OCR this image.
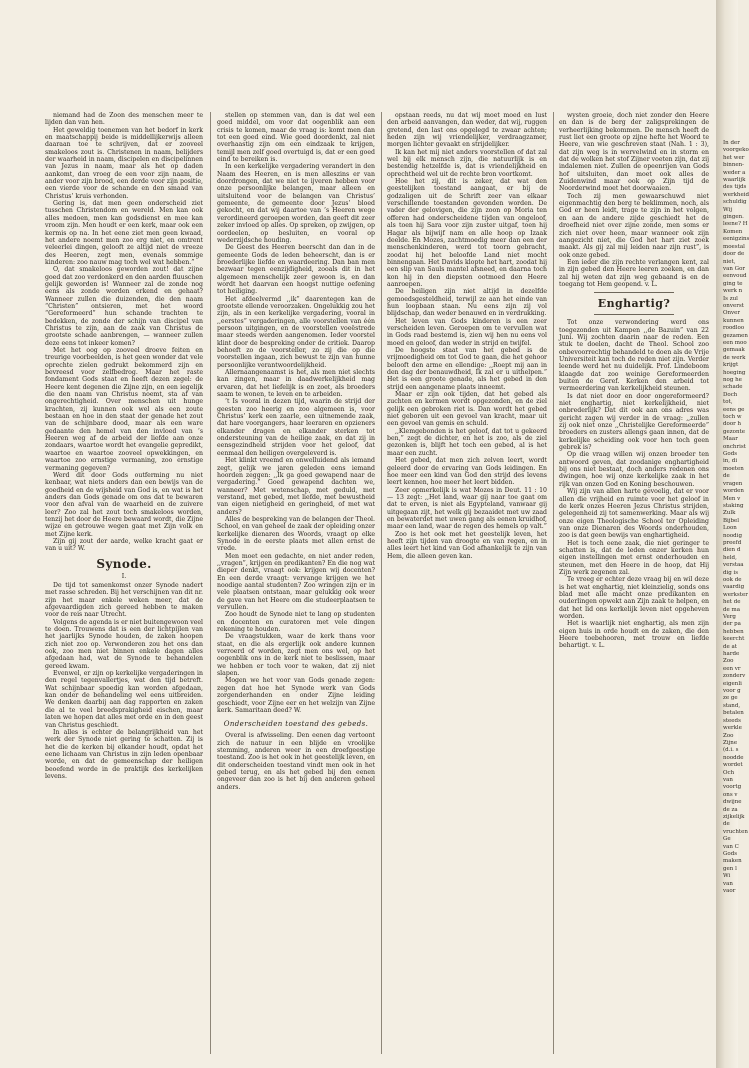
niemand had de Zoon des menschen meer te lijden dan van hen.

Het geweldig toenemen van het bedorf in kerk en maatschappij beide is middellijkerwijs alleen daaraan toe te schrijven, dat er zooveel smakeloos zout is. Christenen in naam, belijders der waarheid in naam, discipelen en discipelinnen van Jezus in naam, maar als het op daden aankomt, dan vroeg de een voor zijn naam, de ander voor zijn brood, een derde voor zijn positie, een vierde voor de schande en den smaad van Christus’ kruis verhonden.

Gering is, dat men geen onderscheid ziet tusschen Christendom en wereld. Men kan ook alles medoen, men kan godsdienst en mee kan vroom zijn. Men houdt er een kerk, maar ook een kermis op na. In het eene ziet men geen kwaad, het andere noemt men zoo erg niet, en omtrent veleerlei dingen, gelooft ze altijd niet de vreeze des Heeren, zegt men, evenals sommige kinderen: zoo nauw mag toch wel wat hebben.”

O, dat smakeloos geworden zout! dat zijne goed dat zoo verdonkerd en den aarden fluuschen gelijk geworden is! Wanneer zal de zonde nog eens als zonde worden erkend en gehaat? Wanneer zullen die duizenden, die den naam “Christen” ontsieren, met het woord “Gereformeerd” hun schande trachten te bedekken, de zonde der schijn van discipel van Christus te zijn, aan de zaak van Christus de grootste schade aanbrengen, — wanneer zullen deze eens tot inkeer komen?

Met het oog op zooveel droeve feiten en treurige voorbeelden, is het geen wonder dat vele oprechte zielen gedrukt bekommerd zijn en bevreesd voor zelfbedrog. Maar het raste fondament Gods staat en heeft dezen zegel: de Heere kent degenen die Zijne zijn, en een iegelijk die den naam van Christus noemt, sta af van ongerechtigheid. Over menschen uit hunge krachten, zij kunnen ook wel als een zoute bestaan en hoe in den staat der genade het zout van de schijnbare dood, maar als een ware gedaante den hemel van den invloed van ’s Heeren weg af de arbeid der liefde aan onze zondaars, waartoe wordt het evangelie gepredikt, waartoe en waartoe zooveel opwekkingen, en waartoe zoo ernstige vermaning, zoo ernstige vermaning gegeven?

Werd dit door Gods outferming nu niet kenbaar, wat niets anders dan een bewijs van de goedheid en de wijsheid van God is, en wat is het anders dan Gods genade om ons dat te bewaren voor den afval van de waarheid en de zuivere leer? Zoo zal het zout toch smakeloos worden, tenzij het door de Heere bewaard wordt, die Zijne wijze en getrouwe wegen gaat met Zijn volk en met Zijne kerk.

Zijn gij zout der aarde, welke kracht gaat er van u uit? W.

Synode.
I.

De tijd tot samenkomst onzer Synode nadert met rasse schreden. Bij het verschijnen van dit nr. zijn het maar enkele weken meer, dat de afgevaardigden zich gereed hebben te maken voor de reis naar Utrecht.

Volgens de agenda is er niet buitengewoon veel te doen. Trouwens dat is een der lichtpijlen van het jaarlijks Synode houden, de zaken hoopen zich niet zoo op. Verwonderen zou het ons dan ook, zoo men niet binnen enkele dagen alles afgedaan had, wat de Synode te behandelen gereed kwam.

Evenwel, er zijn op kerkelijke vergaderingen in den regel tegenvallertjes, wat den tijd betreft. Wat schijnbaar spoedig kan worden afgedaan, kan onder de behandeling wel eens uitbreiden. We denken daarbij aan dag rapporten en zaken die al te veel breedsprakigheid eischen, maar laten we hopen dat alles met orde en in den geest van Christus geschiedt.

In alles is echter de belangrijkheid van het werk der Synode niet gering te schatten. Zij is het die de kerken bij elkander houdt, opdat het eene lichaam van Christus in zijn leden openbaar worde, en dat de gemeenschap der heiligen beoefend worde in de praktijk des kerkelijken levens.

stellen op stemmen van, dan is dat wel een goed middel, om voor dat oogenblik aan een crisis te komen, maar de vraag is: komt men dan tot een goed eind. Wie goed doordenkt, zal niet overhaastig zijn om een eindzaak te krijgen, temijl men zelf goed overtuigd is, dat er een goed eind te bereiken is.

In een kerkelijke vergadering verandert in den Naam des Heeren, en is men alleszins er van doordrongen, dat we niet te ijveren hebben voor onze persoonlijke belangen, maar alleen en uitsluitend voor de belangen van Christus’ gemeente, de gemeente door Jezus’ bloed gekocht, en dat wij daartoe van ’s Heeren wege verordineerd geroepen worden, dan geeft dit zeer zeker invloed op alles. Op spreken, op zwijgen, op oordeelen, op besluiten, en vooral op wederzijdsche houding.

De Geest des Heeren beerscht dan dan in de gemeente Gods de leden beheerscht, dan is er broederlijke liefde en waardeering. Dan ban men bezwaar tegen eenzijdigheid, zooals dit in het algemeen menschelijk zeer gewoon is, en dan wordt het daarvan een hoogst nuttige oefening tot heiliging.

Het afdeelvermd ,,ik” daarentegen kan de grootste ellende veroorzaken. Ongelukkig zou het zijn, als in een kerkelijke vergadering, vooral in ,,eerstes” vergaderingen, alle voorstellen van één persoon uitgingen, en de voorstellen voeëstrede maar steeds werden aangenomen. Ieder voorstel klint door de bespreking onder de critiek. Daarop behoeft zo de voorsteller, zo zij die op die voorstellen ingaan, zich bewust te zijn van hunne persoonlijke verantwoordelijkheid.

Allernaangenaamst is het, als men niet slechts kan zingen, maar in daadwerkelijkheid mag ervaren, dat het liefelijk is en zoet, als broeders saam te wonen, te leven en te arbeiden.

’t Is vooral in dezen tijd, waarin de strijd der geesten zoo heerig en zoo algemeen is, voor Christus’ kerk een zaarle, een uitnemende zaak, dat hare voorgangers, haar leeraren en opzieners elkander dragen en elkander sterken tot ondersteuning van de heilige zaak, en dat zij in eensgezindheid strijden voor het geloof, dat eenmaal den heiligen overgeleverd is.

Het klinkt vreemd en onwelluidend als iemand zegt, gelijk we jaren geleden eens iemand hoorden zeggen: ,,Ik ga goed gewapend naar de vergadering.” Goed gewapend dachten we, wanneer? Met wetenschap, met geduld, met verstand, met gebed, met liefde, met bewustheid van eigen nietigheid en geringheid, of met wat anders?

Alles de bespreking van de belangen der Theol. School, en van geheel de zaak der opleiding onzer kerkelijke dienaren des Woords, vraagt op elke Synode in de eerste plaats met allen ernst de vrede.

Men moet een gedachte, en niet ander reden, ,,vragen”, krijgen en predikanten? En die nog wat dieper denkt, vraagt ook: krijgen wij docenten? En een derde vraagt: vervange krijgen we het noodige aantal studenten? Zoo wringen zijn er in vele plaatsen ontstaan, maar gelukkig ook weer de gave van het Heere om die studeerplaatsen te vervullen.

Zoo houdt de Synode niet te lang op studenten en docenten en curatoren met vele dingen rekening te houden.

De vraagstukken, waar de kerk thans voor staat, en die als ergerlijk ook andere kunnen verroerd of worden, zegt men ons wel, op het oogenblik ons in de kerk niet te beslissen, maar we hebben er toch voor te waken, dat zij niet slapen.

Mogen we het voor van Gods genade zegen: zegen dat hoe het Synode werk van Gods zorgenderhanden en onder Zijne leiding geschiedt, voor Zijne eer en het welzijn van Zijne kerk. Samaritaan deed? W.

Onderscheiden toestand des gebeds.

Overal is afwisseling. Den eenen dag vertoont zich de natuur in een blijde en vroolijke stemming, anderen weer in een droefgeestige toestand. Zoo is het ook in het geestelijk leven, en dit onderscheiden toestand vindt men ook in het gebed terug, en als het gebed bij den eenen ongeveer dan zoo is het bij den anderen geheel anders.

opstaan reeds, nu dat wij moet moed en lust den arbeid aanvangen, dan weder, dat wij, ruggen gretend, den last ons opgelegd te zwaar achten; heden zijn wij vriendelijker, verdraagzamer, morgen lichter gevaakt en strijdelijker.

Ik kan het mij niet anders voorstellen of dat zal wel bij elk mensch zijn, die natuurlijk is en bestendig hetzelfde is, dat is vriendelijkheid en oprechtheid wel uit de rechte bron voortkomt.

Hoe het zij, dit is zeker, dat wat den geestelijken toestand aangaat, er bij de godzaligen uit de Schrift zeer van elkaar verschillende toestanden gevonden worden. De vader der gelovigen, die zijn zoon op Moria ten offeren had onderscheidene tijden van ongeloof, als toen hij Sara voor zijn zuster uitgaf, toen hij Hagar als bijwijf nam en alle hoop op Izaak deelde. En Mozes, zachtmoedig meer dan een der menschenkinderen, werd tot toorn gebracht, zoodat hij het beloofde Land niet mocht binnengaan. Het Davids klopte het hart, zoodat hij een slip van Sauls mantel afsneed, en daarna toch kon hij in den diepsten ootmoed den Heere aanroepen.

De heiligen zijn niet altijd in dezelfde gemoedsgesteldheid, terwijl ze aan het einde van hun loopbaan staan. Nu eens zijn zij vol blijdschap, dan weder benauwd en in verdrukking.

Het leven van Gods kinderen is een zeer verscheiden leven. Geroepen om te vervullen wat in Gods raad bestemd is, zien wij hen nu eens vol moed en geloof, dan weder in strijd en twijfel.

De hoogste staat van het gebed is de vrijmoedigheid om tot God te gaan, die het gehoor belooft den arme en ellendige: ,,Roept mij aan in den dag der benauwdheid, Ik zal er u uithelpen.” Het is een groote genade, als het gebed in den strijd een aangename plaats inneemt.

Maar er zijn ook tijden, dat het gebed als zuchten en kermen wordt opgezonden, en de ziel gelijk een gebroken riet is. Dan wordt het gebed niet geboren uit een gevoel van kracht, maar uit een gevoel van gemis en schuld.

,,Klemgebonden is het geloof, dat tot u gekeerd ben,” zegt de dichter, en het is zoo, als de ziel gezonken is, blijft het toch een gebed, al is het maar een zucht.

Het gebed, dat men zich zelven leert, wordt geleerd door de ervaring van Gods leidingen. En hoe meer een kind van God den strijd des levens leert kennen, hoe meer het leert bidden.

Zeer opmerkelijk is wat Mozes in Deut. 11 : 10 — 13 zegt: ,,Het land, waar gij naar toe gaat om dat te erven, is niet als Egypteland, vanwaar gij uitgegaan zijt, het welk gij bezaaidet met uw zaad en bewaterdet met uwen gang als eenen kruidhof, maar een land, waar de regen des hemels op valt.”

Zoo is het ook met het geestelijk leven, het heeft zijn tijden van droogte en van regen, en in alles leert het kind van God afhankelijk te zijn van Hem, die alleen geven kan.

wysten groeie, doch niet zonder den Heere en dan is de berg der zaligsprekingen de verheerlijking bekommen. De mensch heeft de rust liet een groote op zijne hefte het Woord te Heere, van wie geschreven staat (Nah. 1 : 3), dat zijn weg is in wervelwind en in storm en dat de wolken het stof Zijner voeten zijn, dat zij indalemen niet. Zullen de opeenrijen van Gods hof uitsluiten, dan moet ook alles de Zuidenwind maar ook op Zijn tijd de Noorderwind moet het doorwaaien.

Toch zij men gewaarschuwd niet eigenmachtig den berg te beklimmen, noch, als God er heen leidt, trage te zijn in het volgen, en aan de andere zijde geschiedt het de droefheid niet over zijne zonde, men soms er zich niet over heen, maar wanneer ook zijn aangezicht niet, die God het hart ziet zoek maakt. Als gij zal mij leiden naar zijn rust”, is ook onze gebed.

Een ieder die zijn rechte verlangen kent, zal in zijn gebed den Heere leeren zoeken, en dan zal hij weten dat zijn weg gebaand is en de toegang tot Hem geopend. v. L.

Enghartig?

Tot onze verwondering werd ons toegezonden uit Kampen ,,de Bazuin” van 22 Juni. Wij zochten daarin naar de reden. Een stuk te doelen, dacht de Theol. School zoo onbevoorrechtig behandeld te doen als de Vrije Universiteit kan toch de reden niet zijn. Verder leende werd het nu duidelijk. Prof. Lindeboom klaagde dat zoo weinige Gereformeerden buiten de Geref. Kerken den arbeid tot vermeerdering van kerkelijkheid steunen.

Is dat niet door en door ongereformeerd? niet enghartig, niet kerkelijkheid, niet onbrederlijk? Dat dit ook aan ons adres was gericht zagen wij verder in de vraag: ,,zullen zij ook niet onze ,,Christelijke Gereformeerde” broeders en zusters allengs gaan innen, dat de kerkelijke scheiding ook voor hen toch geen gebrek is?

Op die vraag willen wij onzen broeder ten antwoord geven, dat zoodanige enghartigheid bij ons niet bestaat, doch anders redenen ons dwingen, hoe wij onze kerkelijke zaak in het rijk van onzen God en Koning beschouwen.

Wij zijn van allen harte gevoelig, dat er voor allen die vrijheid en ruimte voor het geloof in de kerk onzes Heeren Jezus Christus strijden, gelegenheid zij tot samenwerking. Maar als wij onze eigen Theologische School ter Opleiding van onze Dienaren des Woords onderhouden, zoo is dat geen bewijs van enghartigheid.

Het is toch eene zaak, die niet geringer te schatten is, dat de leden onzer kerken hun eigen instellingen met ernst onderhouden en steunen, met den Heere in de hoop, dat Hij Zijn werk zegenen zal.

Te vreeg er echter deze vraag bij en wil deze is het wat enghartig, niet kleinzielig, sonds ons blad met alle macht onze predikanten en ouderlingen opwekt aan Zijn zaak te helpen, en dat het lid ons kerkelijk leven niet opgeheven worden.

Het is waarlijk niet enghartig, als men zijn eigen huis in orde houdt en de zaken, die den Heere toebehooren, met trouw en liefde behartigt. v. L.

In der
voorgeko
het wer
binnen-
weder a
waarlijk
des tijds
werkheid
schuldig
Wij
gingen.
leene? H
Komen
eenigzins
moestal
door de
niet,
van Gor
eenvoud
ging te
werk n
Is zul
onverst
Onver
kunnen
roodloo
gezamen
een moo
gemaak
de werk
krijgt
hoeging
nog he
schade
Doch
tot,
eens ge
toch w
door h
gezonte
Maar
onchrist
Gods
in, di
moeten
de
vragen
worden
Men v
staking
Zulk
Bijbel
Loon
noodig
preefd
dien d
held,
verstaa
dig is
ook de
vaardig
werkster
het de
de ma
Verg
der pa
hebben
keercht
de at
harde
Zoo
een vr
zonderv
eigenli
voor g
ze ge
stand,
betalen
steeds
werkle
Zoo
Zijne
(d.i. s
noodde
wordet
Och
van
voortg
ons v
dwijne
de za
zijkelijk
de
vruchten
Ge
van C
Gods
maken
gen l
Wi
van
vaor
